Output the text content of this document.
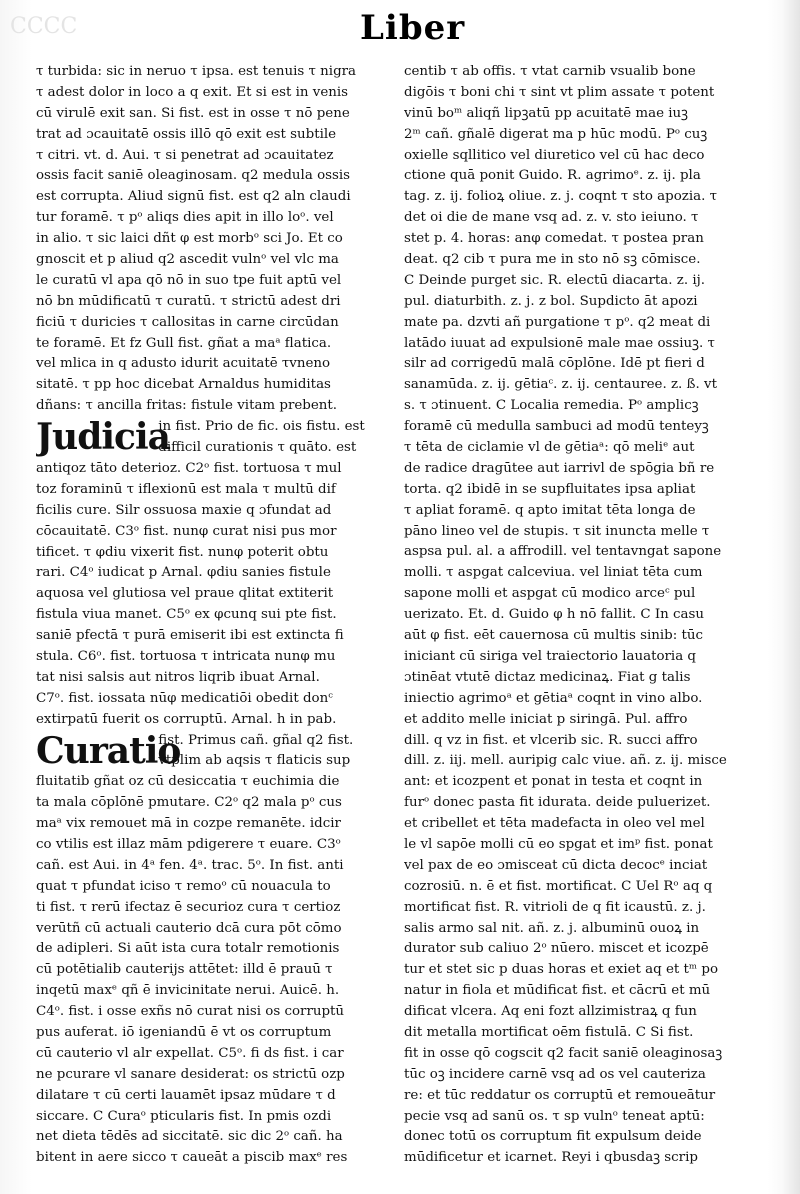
CCCC	Liber
τ turbida: sic in neruo τ ipsa. est tenuis τ nigra
τ adest dolor in loco a q exit. Et si est in venis
cū virulē exit san. Si fist. est in osse τ nō pene
trat ad ɔcauitatē ossis illō qō exit est subtile
τ citri. vt. d. Aui. τ si penetrat ad ɔcauitatez
ossis facit saniē oleaginosam. q2 medula ossis
est corrupta. Aliud signū fist. est q2 aln claudi
tur foramē. τ pᵒ aliqs dies apit in illo loᵒ. vel
in alio. τ sic laici dñt φ est morbᵒ sci Jo. Et co
gnoscit et p aliud q2 ascedit vulnᵒ vel vlc ma
le curatū vl apa qō nō in suo tpe fuit aptū vel
nō bn mūdificatū τ curatū. τ strictū adest dri
ficiū τ duricies τ callositas in carne circūdan
te foramē. Et fz Gull fist. gñat a maᵃ flatica.
vel mlica in q adusto idurit acuitatē τvneno
sitatē. τ pp hoc dicebat Arnaldus humiditas
dñans: τ ancilla fritas: fistule vitam prebent.
Judicia
in fist. Prio de fic. ois fistu. est
difficil curationis τ quāto. est
antiqoz tāto deterioz. C2ᵒ fist. tortuosa τ mul
toz foraminū τ iflexionū est mala τ multū dif
ficilis cure. Silr ossuosa maxie q ɔfundat ad
cōcauitatē. C3ᵒ fist. nunφ curat nisi pus mor
tificet. τ φdiu vixerit fist. nunφ poterit obtu
rari. C4ᵒ iudicat p Arnal. φdiu sanies fistule
aquosa vel glutiosa vel praue qlitat extiterit
fistula viua manet. C5ᵒ ex φcunq sui pte fist.
saniē pfectā τ purā emiserit ibi est extincta fi
stula. C6ᵒ. fist. tortuosa τ intricata nunφ mu
tat nisi salsis aut nitros liqrib ibuat Arnal.
C7ᵒ. fist. iossata nūφ medicatiōi obedit donᶜ
extirpatū fuerit os corruptū. Arnal. h in pab.
Curatio
fist. Primus cañ. gñal q2 fist.
vtplim ab aqsis τ flaticis sup
fluitatib gñat oz cū desiccatia τ euchimia die
ta mala cōplōnē pmutare. C2ᵒ q2 mala pᵒ cus
maᵃ vix remouet mā in cozpe remanēte. idcir
co vtilis est illaz mām pdigerere τ euare. C3ᵒ
cañ. est Aui. in 4ᵃ fen. 4ᵃ. trac. 5ᵒ. In fist. anti
quat τ pfundat iciso τ remoᵒ cū nouacula to
ti fist. τ rerū ifectaz ē securioz cura τ certioz
verūtñ cū actuali cauterio dcā cura pōt cōmo
de adipleri. Si aūt ista cura totalr remotionis
cū potētialib cauterijs attētet: illd ē prauū τ
inqetū maxᵉ qñ ē invicinitate nerui. Auicē. h.
C4ᵒ. fist. i osse exñs nō curat nisi os corruptū
pus auferat. iō igeniandū ē vt os corruptum
cū cauterio vl alr expellat. C5ᵒ. fi ds fist. i car
ne pcurare vl sanare desiderat: os strictū ozp
dilatare τ cū certi lauamēt ipsaz mūdare τ d
siccare. C Curaᵒ pticularis fist. In pmis ozdi
net dieta tēdēs ad siccitatē. sic dic 2ᵒ cañ. ha
bitent in aere sicco τ caueāt a piscib maxᵉ res
centib τ ab offis. τ vtat carnib vsualib bone
digōis τ boni chi τ sint vt plim assate τ potent
vinū boᵐ aliqñ lipꝫatū pp acuitatē mae iuꝫ
2ᵐ cañ. gñalē digerat ma p hūc modū. Pᵒ cuꝫ
oxielle sqllitico vel diuretico vel cū hac deco
ctione quā ponit Guido. R. agrimoᵉ. z. ij. pla
tag. z. ij. folioꝝ oliue. z. j. coqnt τ sto apozia. τ
det oi die de mane vsq ad. z. v. sto ieiuno. τ
stet p. 4. horas: anφ comedat. τ postea pran
deat. q2 cib τ pura me in sto nō sꝫ cōmisce.
C Deinde purget sic. R. electū diacarta. z. ij.
pul. diaturbith. z. j. z bol. Supdicto āt apozi
mate pa. dzvti añ purgatione τ pᵒ. q2 meat di
latādo iuuat ad expulsionē male mae ossiuꝫ. τ
silr ad corrigedū malā cōplōne. Idē pt fieri d
sanamūda. z. ij. gētiaᶜ. z. ij. centauree. z. ß. vt
s. τ ɔtinuent. C Localia remedia. Pᵒ amplicꝫ
foramē cū medulla sambuci ad modū tenteyꝫ
τ tēta de ciclamie vl de gētiaᵃ: qō meliᵉ aut
de radice dragūtee aut iarrivl de spōgia bñ re
torta. q2 ibidē in se supfluitates ipsa apliat
τ apliat foramē. q apto imitat tēta longa de
pāno lineo vel de stupis. τ sit inuncta melle τ
aspsa pul. al. a affrodill. vel tentavngat sapone
molli. τ aspgat calceviua. vel liniat tēta cum
sapone molli et aspgat cū modico arceᶜ pul
uerizato. Et. d. Guido φ h nō fallit. C In casu
aūt φ fist. eēt cauernosa cū multis sinib: tūc
iniciant cū siriga vel traiectorio lauatoria q
ɔtinēat vtutē dictaz medicinaꝝ. Fiat g talis
iniectio agrimoᵃ et gētiaᵃ coqnt in vino albo.
et addito melle iniciat p siringā. Pul. affro
dill. q vz in fist. et vlcerib sic. R. succi affro
dill. z. iij. mell. auripig calc viue. añ. z. ij. misce
ant: et icozpent et ponat in testa et coqnt in
furᵒ donec pasta fit idurata. deide puluerizet.
et cribellet et tēta madefacta in oleo vel mel
le vl sapōe molli cū eo spgat et imᵖ fist. ponat
vel pax de eo ɔmisceat cū dicta decocᵉ inciat
cozrosiū. n. ē et fist. mortificat. C Uel Rᵒ aq q
mortificat fist. R. vitrioli de q fit icaustū. z. j.
salis armo sal nit. añ. z. j. albuminū ouoꝝ in
durator sub caliuo 2ᵒ nūero. miscet et icozpē
tur et stet sic p duas horas et exiet aq et tᵐ po
natur in fiola et mūdificat fist. et cācrū et mū
dificat vlcera. Aq eni fozt allzimistraꝝ q fun
dit metalla mortificat oēm fistulā. C Si fist.
fit in osse qō cogscit q2 facit saniē oleaginosaꝫ
tūc oꝫ incidere carnē vsq ad os vel cauteriza
re: et tūc reddatur os corruptū et remoueātur
pecie vsq ad sanū os. τ sp vulnᵒ teneat aptū:
donec totū os corruptum fit expulsum deide
mūdificetur et icarnet. Reyi i qbusdaꝫ scrip
